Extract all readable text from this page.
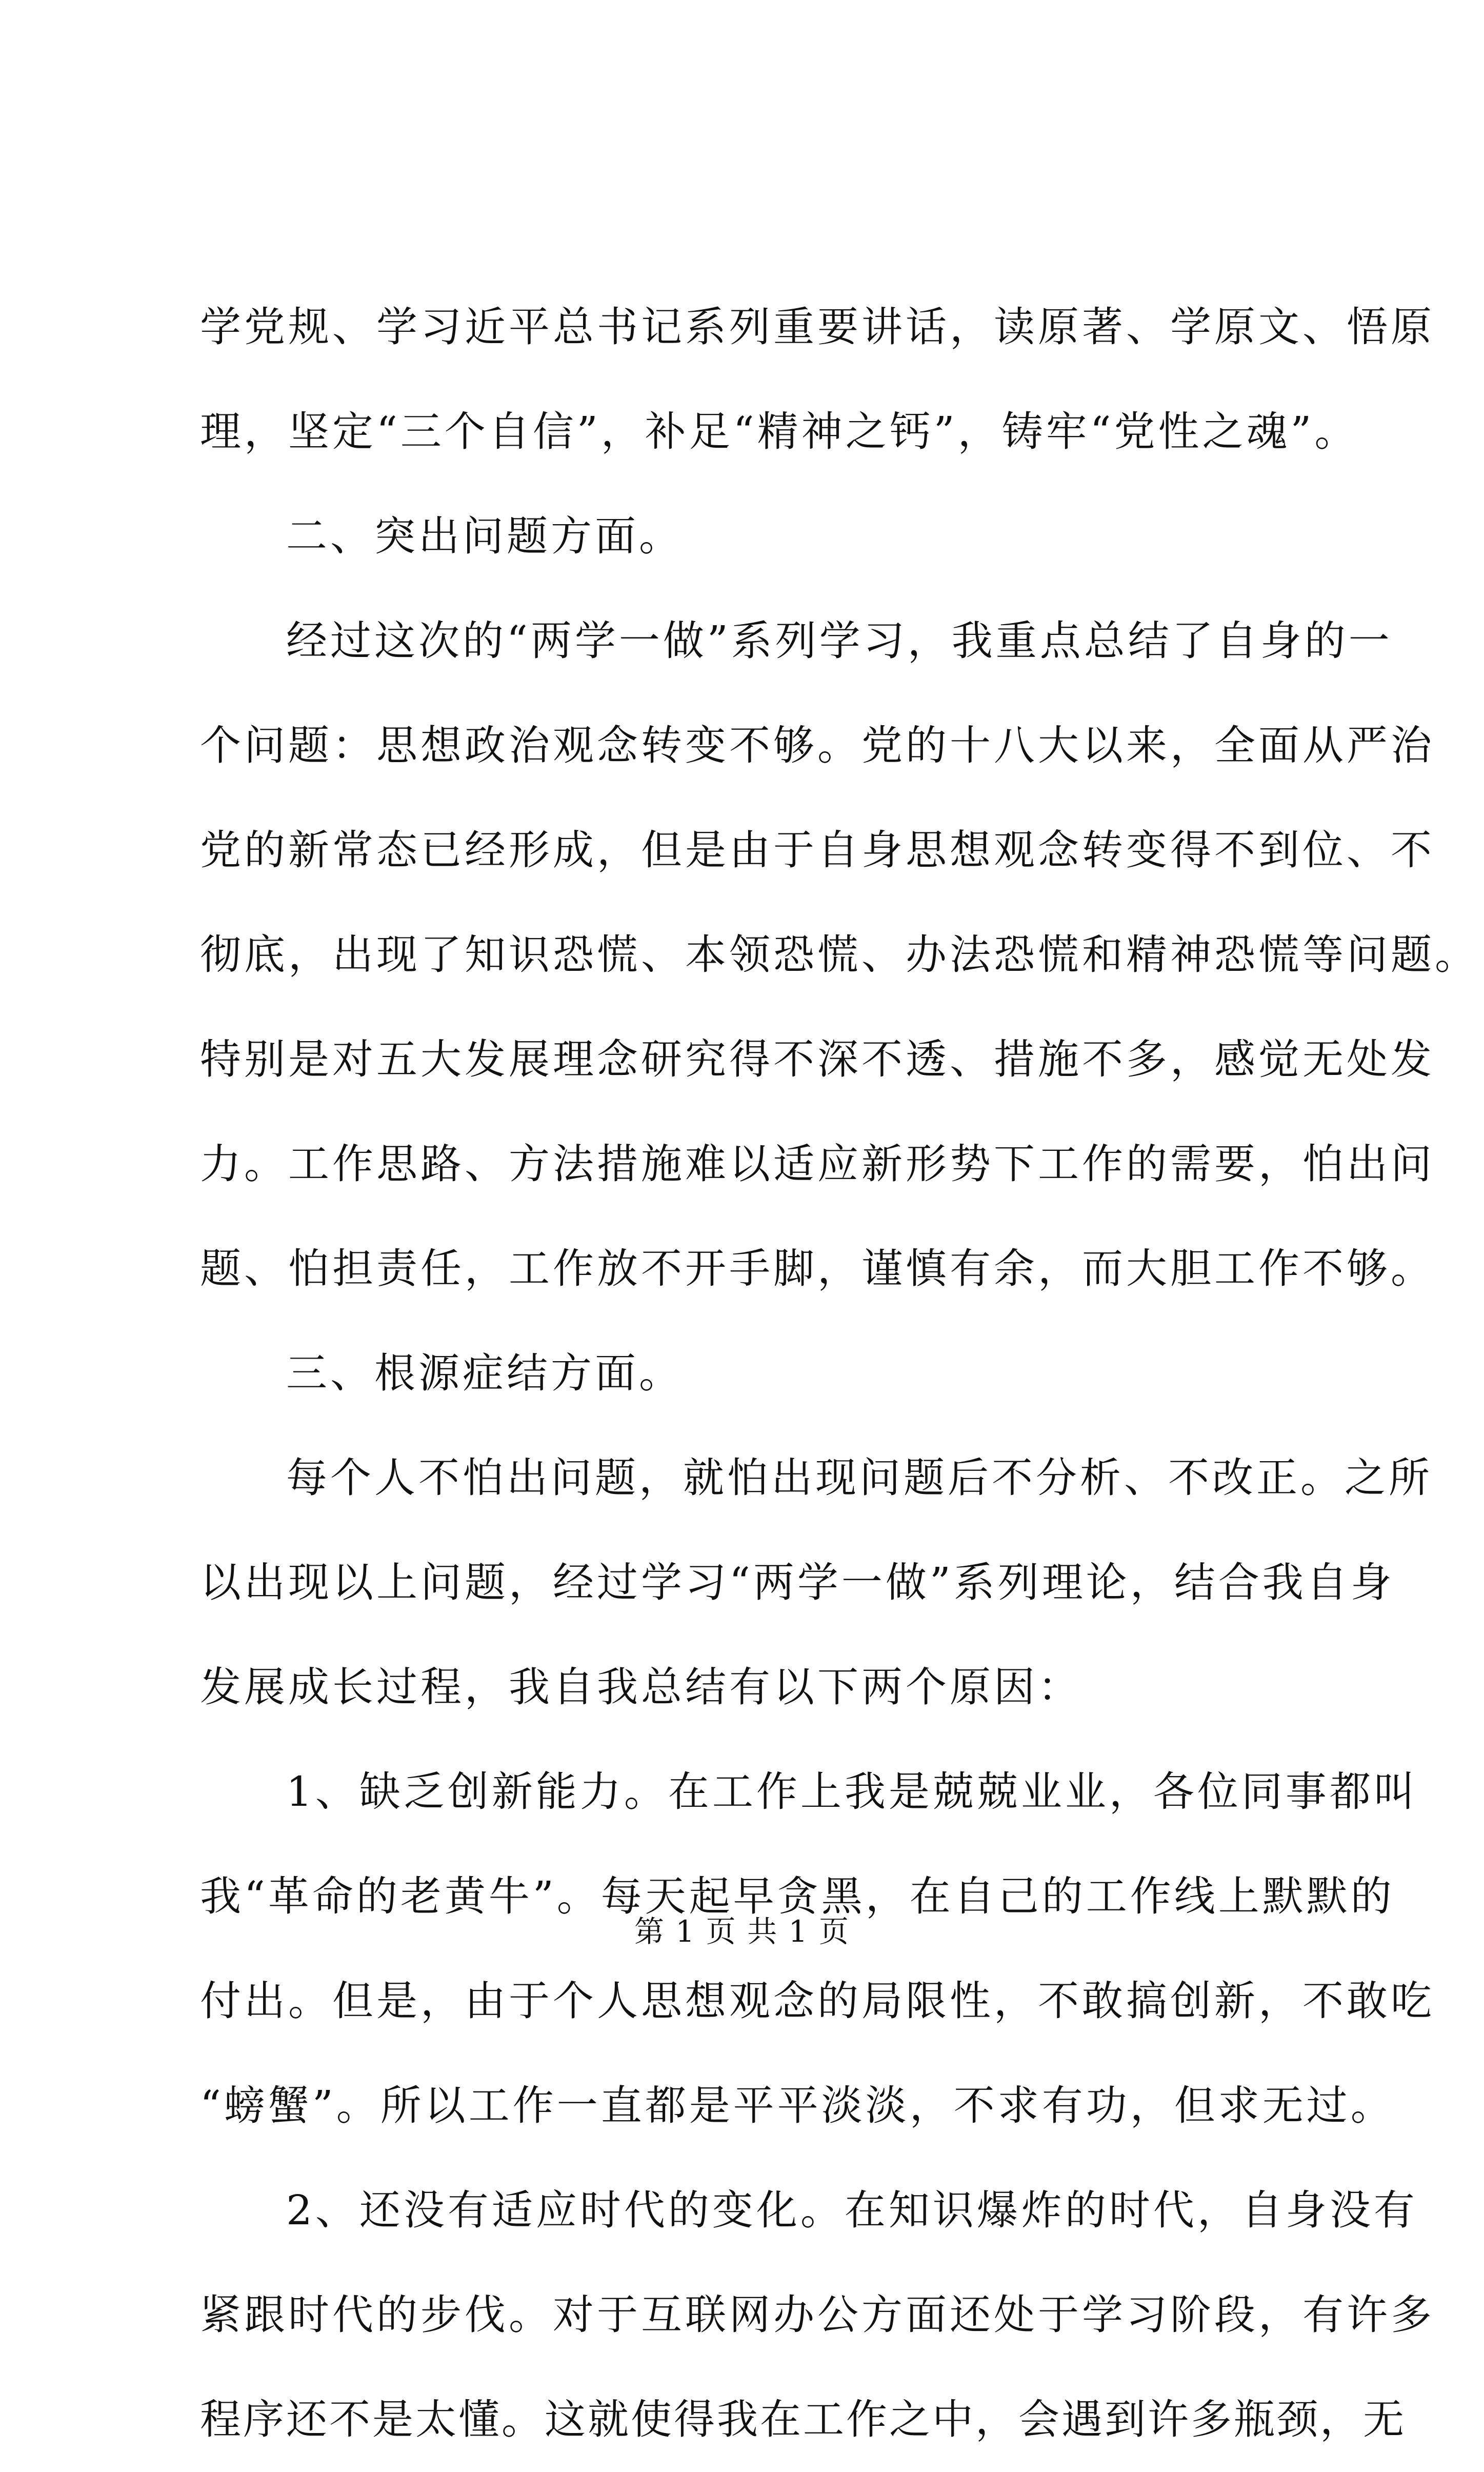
学党规、学习近平总书记系列重要讲话，读原著、学原文、悟原
理，坚定“三个自信”，补足“精神之钙”，铸牢“党性之魂”。
二、突出问题方面。
经过这次的“两学一做”系列学习，我重点总结了自身的一
个问题：思想政治观念转变不够。党的十八大以来，全面从严治
党的新常态已经形成，但是由于自身思想观念转变得不到位、不
彻底，出现了知识恐慌、本领恐慌、办法恐慌和精神恐慌等问题。
特别是对五大发展理念研究得不深不透、措施不多，感觉无处发
力。工作思路、方法措施难以适应新形势下工作的需要，怕出问
题、怕担责任，工作放不开手脚，谨慎有余，而大胆工作不够。
三、根源症结方面。
每个人不怕出问题，就怕出现问题后不分析、不改正。之所
以出现以上问题，经过学习“两学一做”系列理论，结合我自身
发展成长过程，我自我总结有以下两个原因：
1、缺乏创新能力。在工作上我是兢兢业业，各位同事都叫
我“革命的老黄牛”。每天起早贪黑，在自己的工作线上默默的
付出。但是，由于个人思想观念的局限性，不敢搞创新，不敢吃
“螃蟹”。所以工作一直都是平平淡淡，不求有功，但求无过。
2、还没有适应时代的变化。在知识爆炸的时代，自身没有
紧跟时代的步伐。对于互联网办公方面还处于学习阶段，有许多
程序还不是太懂。这就使得我在工作之中，会遇到许多瓶颈，无
第 1 页 共 1 页
